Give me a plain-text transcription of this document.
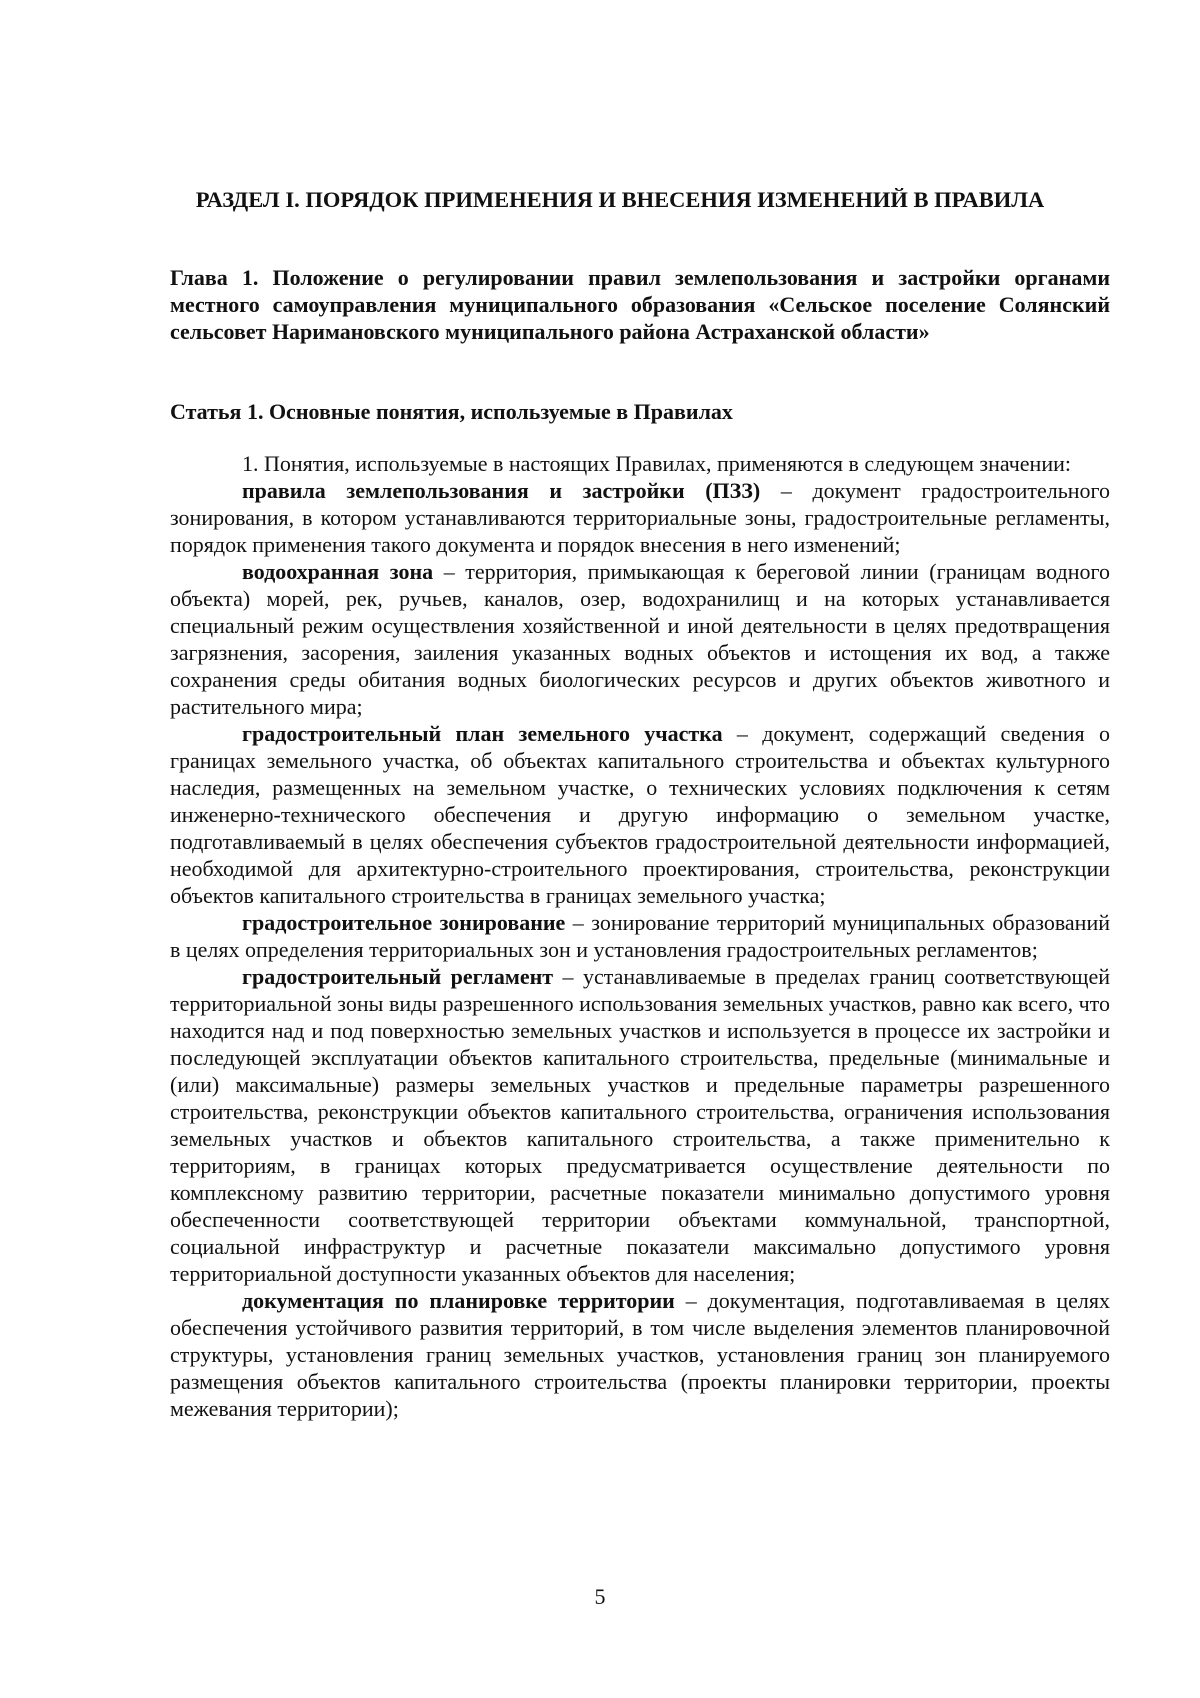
РАЗДЕЛ I. ПОРЯДОК ПРИМЕНЕНИЯ И ВНЕСЕНИЯ ИЗМЕНЕНИЙ В ПРАВИЛА
Глава 1. Положение о регулировании правил землепользования и застройки органами местного самоуправления муниципального образования «Сельское поселение Солянский сельсовет Наримановского муниципального района Астраханской области»
Статья 1. Основные понятия, используемые в Правилах

1. Понятия, используемые в настоящих Правилах, применяются в следующем значении:

правила землепользования и застройки (ПЗЗ) – документ градостроительного зонирования, в котором устанавливаются территориальные зоны, градостроительные регламенты, порядок применения такого документа и порядок внесения в него изменений;

водоохранная зона – территория, примыкающая к береговой линии (границам водного объекта) морей, рек, ручьев, каналов, озер, водохранилищ и на которых устанавливается специальный режим осуществления хозяйственной и иной деятельности в целях предотвращения загрязнения, засорения, заиления указанных водных объектов и истощения их вод, а также сохранения среды обитания водных биологических ресурсов и других объектов животного и растительного мира;

градостроительный план земельного участка – документ, содержащий сведения о границах земельного участка, об объектах капитального строительства и объектах культурного наследия, размещенных на земельном участке, о технических условиях подключения к сетям инженерно-технического обеспечения и другую информацию о земельном участке, подготавливаемый в целях обеспечения субъектов градостроительной деятельности информацией, необходимой для архитектурно-строительного проектирования, строительства, реконструкции объектов капитального строительства в границах земельного участка;

градостроительное зонирование – зонирование территорий муниципальных образований в целях определения территориальных зон и установления градостроительных регламентов;

градостроительный регламент – устанавливаемые в пределах границ соответствующей территориальной зоны виды разрешенного использования земельных участков, равно как всего, что находится над и под поверхностью земельных участков и используется в процессе их застройки и последующей эксплуатации объектов капитального строительства, предельные (минимальные и (или) максимальные) размеры земельных участков и предельные параметры разрешенного строительства, реконструкции объектов капитального строительства, ограничения использования земельных участков и объектов капитального строительства, а также применительно к территориям, в границах которых предусматривается осуществление деятельности по комплексному развитию территории, расчетные показатели минимально допустимого уровня обеспеченности соответствующей территории объектами коммунальной, транспортной, социальной инфраструктур и расчетные показатели максимально допустимого уровня территориальной доступности указанных объектов для населения;

документация по планировке территории – документация, подготавливаемая в целях обеспечения устойчивого развития территорий, в том числе выделения элементов планировочной структуры, установления границ земельных участков, установления границ зон планируемого размещения объектов капитального строительства (проекты планировки территории, проекты межевания территории);

5
